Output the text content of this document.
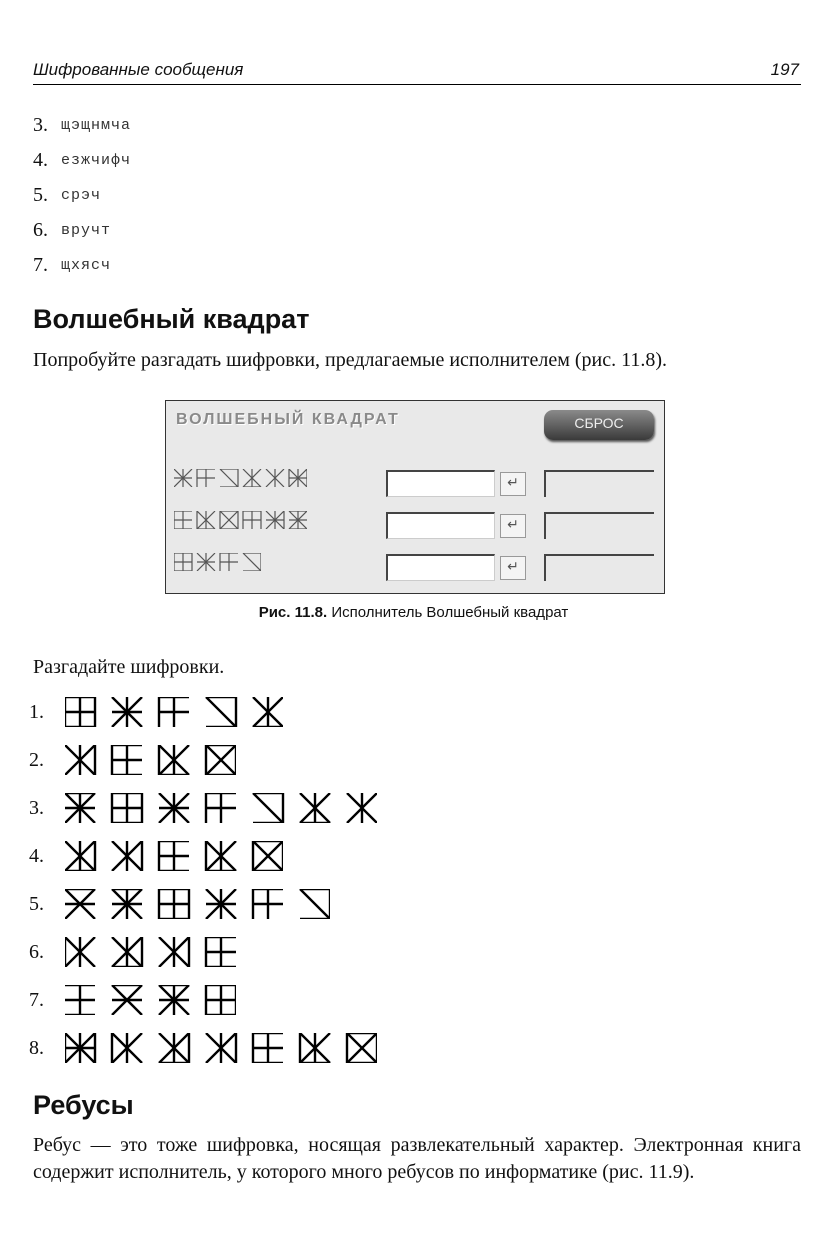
Шифрованные сообщения	197
3. щэщнмча
4. езжчифч
5. срэч
6. вручт
7. щхясч
Волшебный квадрат
Попробуйте разгадать шифровки, предлагаемые исполнителем (рис. 11.8).
ВОЛШЕБНЫЙ КВАДРАТ	СБРОС
↵
↵
↵
Рис. 11.8. Исполнитель Волшебный квадрат
Разгадайте шифровки.
1.
2.
3.
4.
5.
6.
7.
8.
Ребусы
Ребус — это тоже шифровка, носящая развлекательный характер. Электронная книга содержит исполнитель, у которого много ребусов по информатике (рис. 11.9).
